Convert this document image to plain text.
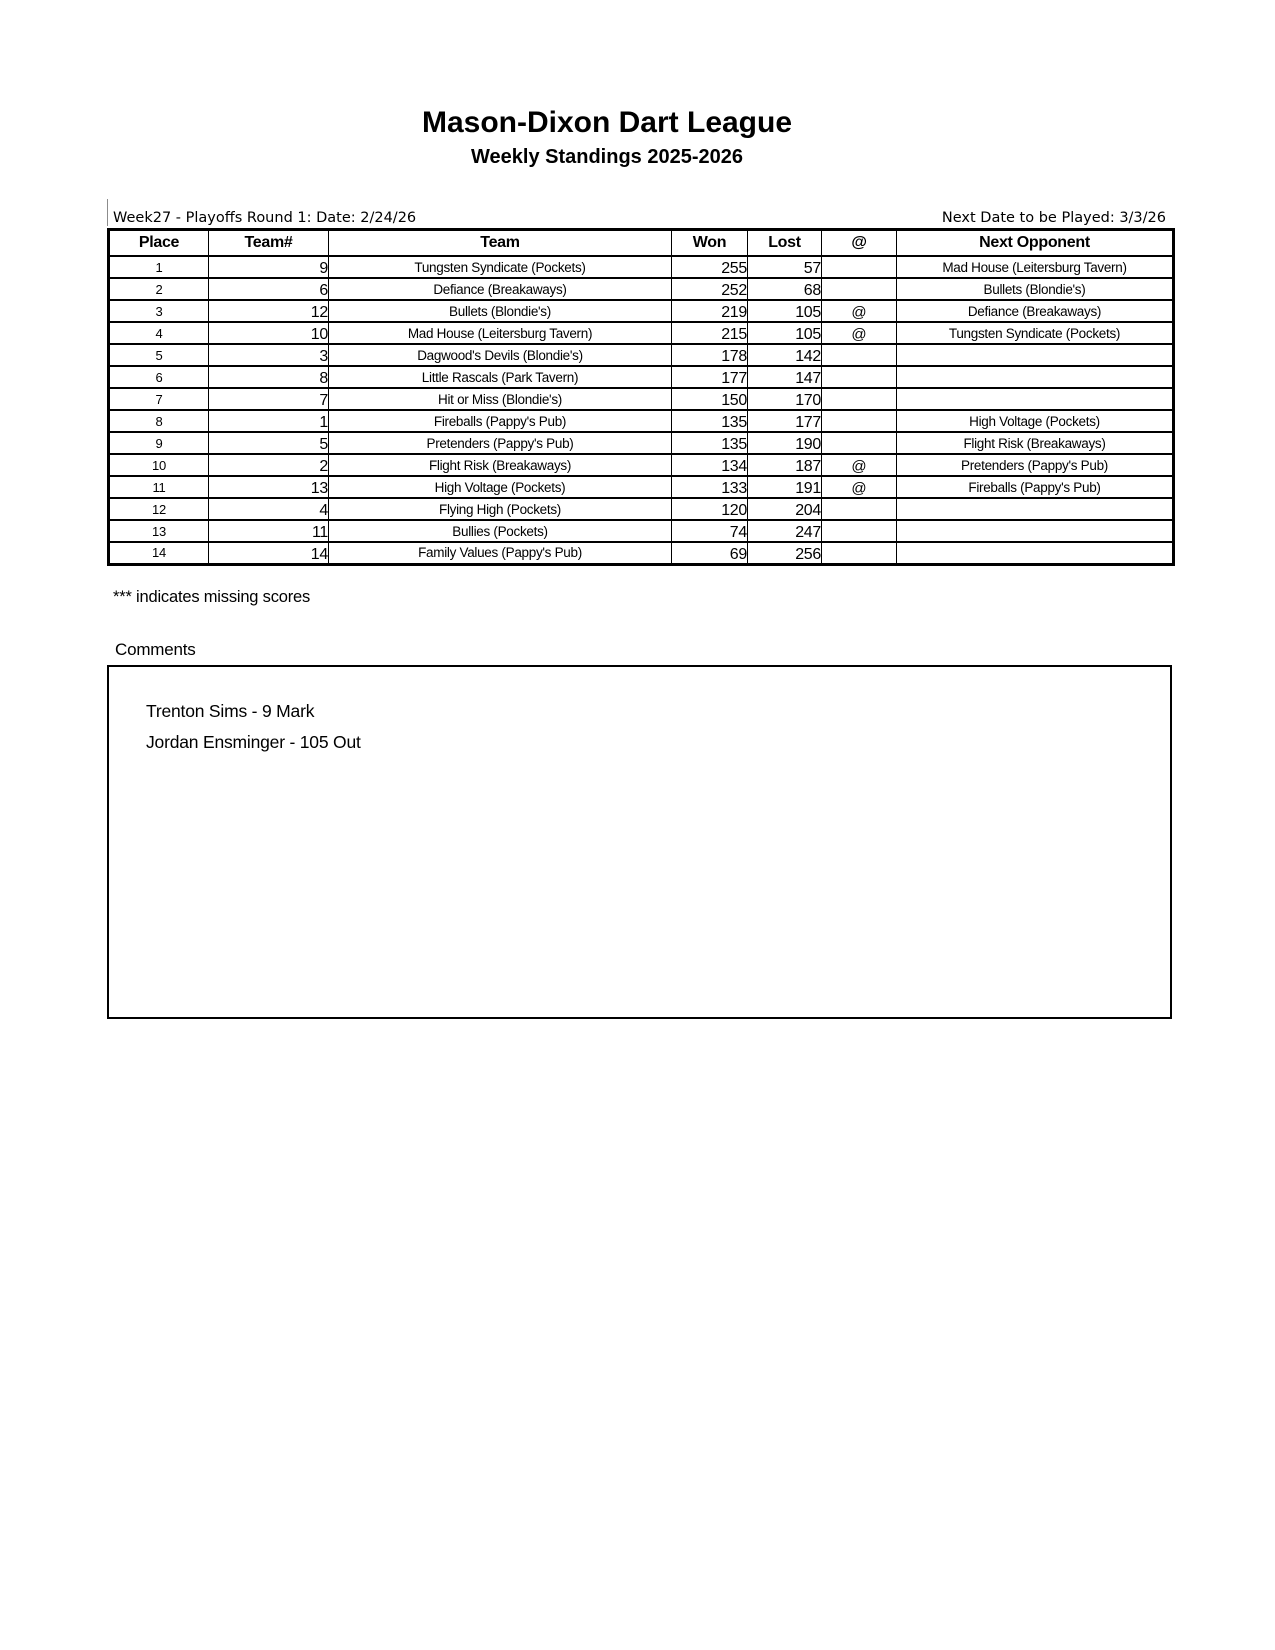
Mason-Dixon Dart League
Weekly Standings 2025-2026
Week27 - Playoffs Round 1: Date: 2/24/26	Next Date to be Played: 3/3/26
Place	Team#	Team	Won	Lost	@	Next Opponent
1	9	Tungsten Syndicate (Pockets)	255	57		Mad House (Leitersburg Tavern)
2	6	Defiance (Breakaways)	252	68		Bullets (Blondie's)
3	12	Bullets (Blondie's)	219	105	@	Defiance (Breakaways)
4	10	Mad House (Leitersburg Tavern)	215	105	@	Tungsten Syndicate (Pockets)
5	3	Dagwood's Devils (Blondie's)	178	142		
6	8	Little Rascals (Park Tavern)	177	147		
7	7	Hit or Miss (Blondie's)	150	170		
8	1	Fireballs (Pappy's Pub)	135	177		High Voltage (Pockets)
9	5	Pretenders (Pappy's Pub)	135	190		Flight Risk (Breakaways)
10	2	Flight Risk (Breakaways)	134	187	@	Pretenders (Pappy's Pub)
11	13	High Voltage (Pockets)	133	191	@	Fireballs (Pappy's Pub)
12	4	Flying High (Pockets)	120	204		
13	11	Bullies (Pockets)	74	247		
14	14	Family Values (Pappy's Pub)	69	256		

*** indicates missing scores

Comments
Trenton Sims - 9 Mark
Jordan Ensminger - 105 Out
